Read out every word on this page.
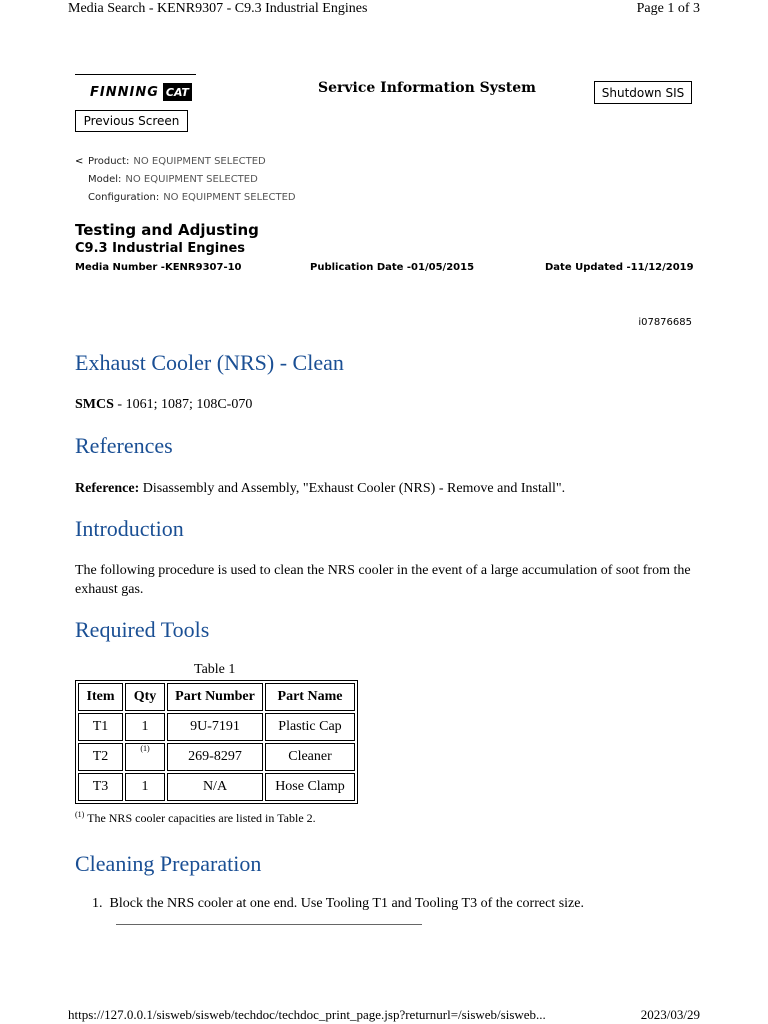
Media Search - KENR9307 - C9.3 Industrial Engines	Page 1 of 3
FINNING CAT	Service Information System	Shutdown SIS
Previous Screen
< Product: NO EQUIPMENT SELECTED
Model: NO EQUIPMENT SELECTED
Configuration: NO EQUIPMENT SELECTED
Testing and Adjusting
C9.3 Industrial Engines
Media Number -KENR9307-10	Publication Date -01/05/2015	Date Updated -11/12/2019
i07876685
Exhaust Cooler (NRS) - Clean
SMCS - 1061; 1087; 108C-070
References
Reference: Disassembly and Assembly, "Exhaust Cooler (NRS) - Remove and Install".
Introduction
The following procedure is used to clean the NRS cooler in the event of a large accumulation of soot from the exhaust gas.
Required Tools
Table 1
Item	Qty	Part Number	Part Name
T1	1	9U-7191	Plastic Cap
T2	$^{(1)}$	269-8297	Cleaner
T3	1	N/A	Hose Clamp
$^{(1)}$ The NRS cooler capacities are listed in Table 2.
Cleaning Preparation
1. Block the NRS cooler at one end. Use Tooling T1 and Tooling T3 of the correct size.
https://127.0.0.1/sisweb/sisweb/techdoc/techdoc_print_page.jsp?returnurl=/sisweb/sisweb...	2023/03/29
